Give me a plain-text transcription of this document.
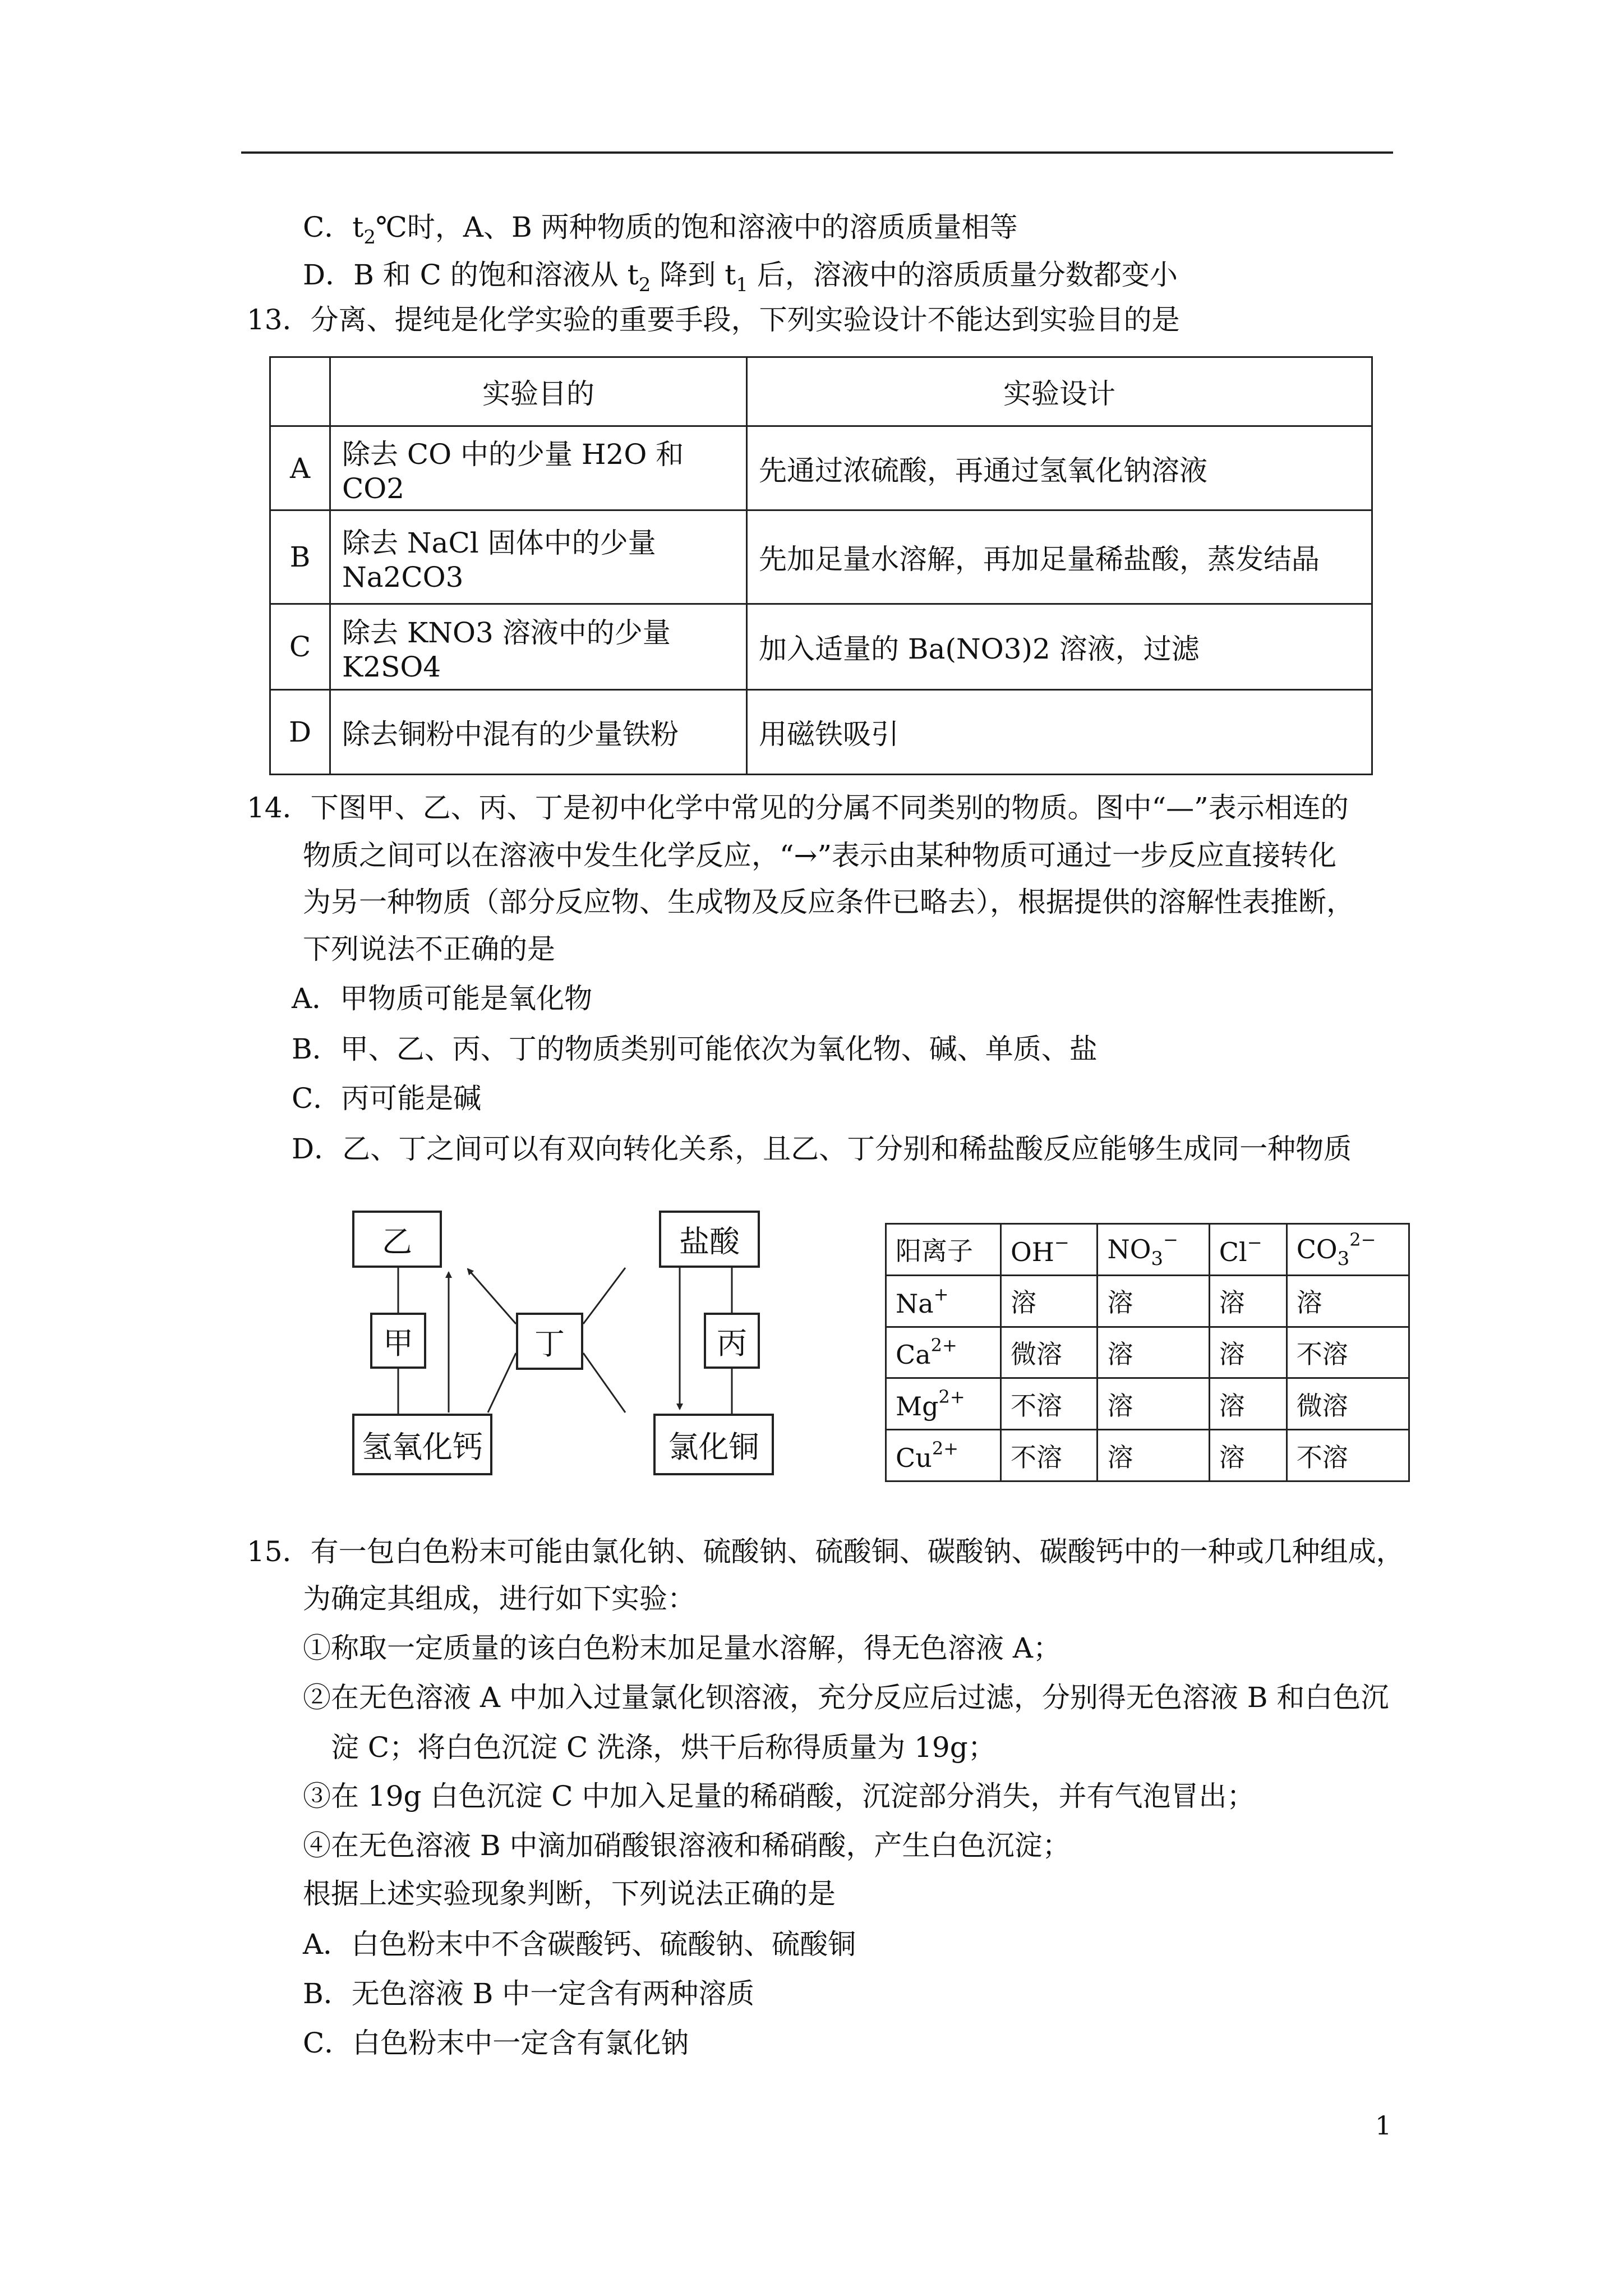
C．$t_2℃$时，A、B 两种物质的饱和溶液中的溶质质量相等
D．B 和 C 的饱和溶液从 $t_2$ 降到 $t_1$ 后，溶液中的溶质质量分数都变小
13．分离、提纯是化学实验的重要手段，下列实验设计不能达到实验目的是
	实验目的	实验设计
A	除去 CO 中的少量 H2O 和 CO2	先通过浓硫酸，再通过氢氧化钠溶液
B	除去 NaCl 固体中的少量 Na2CO3	先加足量水溶解，再加足量稀盐酸，蒸发结晶
C	除去 KNO3 溶液中的少量 K2SO4	加入适量的 Ba(NO3)2 溶液，过滤
D	除去铜粉中混有的少量铁粉	用磁铁吸引
14．下图甲、乙、丙、丁是初中化学中常见的分属不同类别的物质。图中“—”表示相连的
物质之间可以在溶液中发生化学反应，“→”表示由某种物质可通过一步反应直接转化
为另一种物质（部分反应物、生成物及反应条件已略去），根据提供的溶解性表推断，
下列说法不正确的是
A．甲物质可能是氧化物
B．甲、乙、丙、丁的物质类别可能依次为氧化物、碱、单质、盐
C．丙可能是碱
D．乙、丁之间可以有双向转化关系，且乙、丁分别和稀盐酸反应能够生成同一种物质
乙	盐酸
甲	丁	丙
氢氧化钙	氯化铜
阳离子	OH−	$NO_3^-$	Cl−	$CO_3^{2-}$
Na+	溶	溶	溶	溶
$Ca^{2+}$	微溶	溶	溶	不溶
$Mg^{2+}$	不溶	溶	溶	微溶
$Cu^{2+}$	不溶	溶	溶	不溶
15．有一包白色粉末可能由氯化钠、硫酸钠、硫酸铜、碳酸钠、碳酸钙中的一种或几种组成，
为确定其组成，进行如下实验：
①称取一定质量的该白色粉末加足量水溶解，得无色溶液 A；
②在无色溶液 A 中加入过量氯化钡溶液，充分反应后过滤，分别得无色溶液 B 和白色沉
淀 C；将白色沉淀 C 洗涤，烘干后称得质量为 19g；
③在 19g 白色沉淀 C 中加入足量的稀硝酸，沉淀部分消失，并有气泡冒出；
④在无色溶液 B 中滴加硝酸银溶液和稀硝酸，产生白色沉淀；
根据上述实验现象判断，下列说法正确的是
A．白色粉末中不含碳酸钙、硫酸钠、硫酸铜
B．无色溶液 B 中一定含有两种溶质
C．白色粉末中一定含有氯化钠
1
